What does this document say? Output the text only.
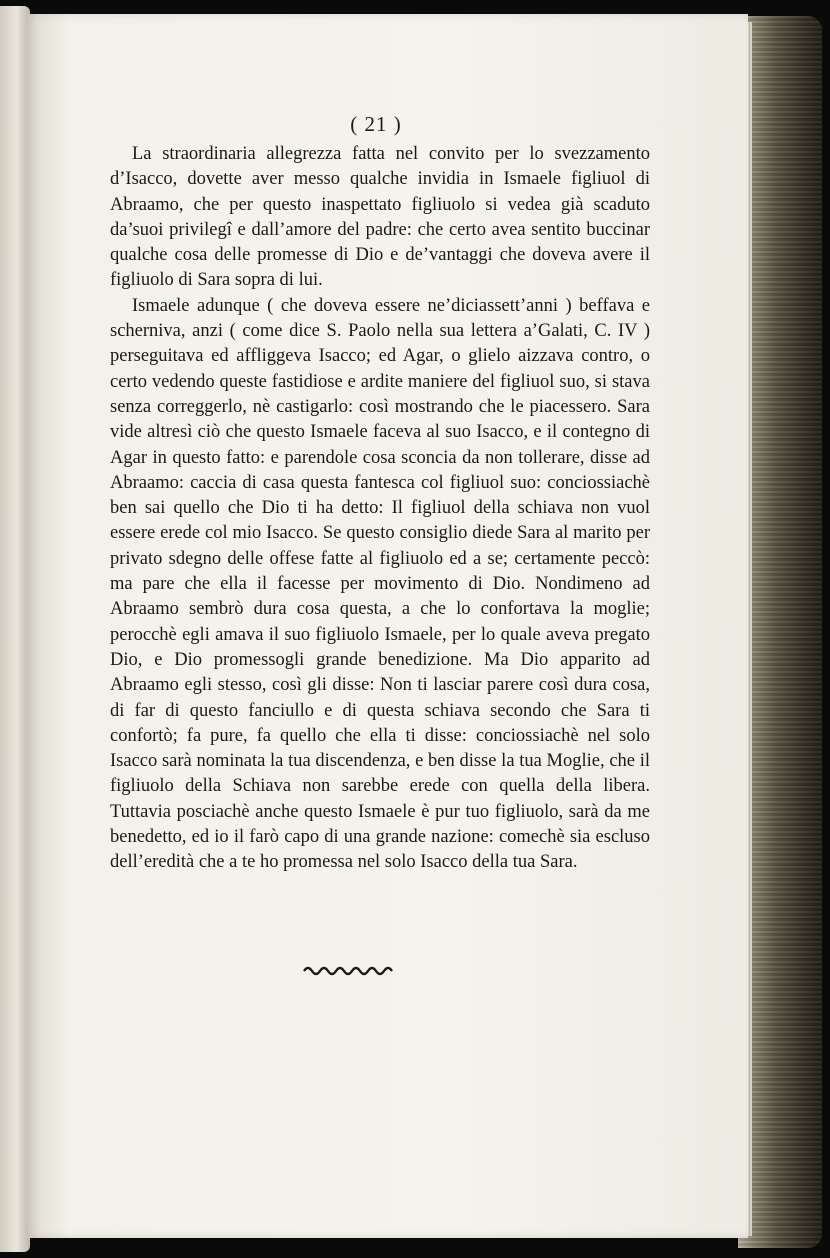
( 21 )

La straordinaria allegrezza fatta nel convito per lo svezzamento d’Isacco, dovette aver messo qualche invidia in Ismaele figliuol di Abraamo, che per questo inaspettato figliuolo si vedea già scaduto da’suoi privilegî e dall’amore del padre: che certo avea sentito buccinar qualche cosa delle promesse di Dio e de’vantaggi che doveva avere il figliuolo di Sara sopra di lui.

Ismaele adunque ( che doveva essere ne’diciassett’anni ) beffava e scherniva, anzi ( come dice S. Paolo nella sua lettera a’Galati, C. IV ) perseguitava ed affliggeva Isacco; ed Agar, o glielo aizzava contro, o certo vedendo queste fastidiose e ardite maniere del figliuol suo, si stava senza correggerlo, nè castigarlo: così mostrando che le piacessero. Sara vide altresì ciò che questo Ismaele faceva al suo Isacco, e il contegno di Agar in questo fatto: e parendole cosa sconcia da non tollerare, disse ad Abraamo: caccia di casa questa fantesca col figliuol suo: conciossiachè ben sai quello che Dio ti ha detto: Il figliuol della schiava non vuol essere erede col mio Isacco. Se questo consiglio diede Sara al marito per privato sdegno delle offese fatte al figliuolo ed a se; certamente peccò: ma pare che ella il facesse per movimento di Dio. Nondimeno ad Abraamo sembrò dura cosa questa, a che lo confortava la moglie; perocchè egli amava il suo figliuolo Ismaele, per lo quale aveva pregato Dio, e Dio promessogli grande benedizione. Ma Dio apparito ad Abraamo egli stesso, così gli disse: Non ti lasciar parere così dura cosa, di far di questo fanciullo e di questa schiava secondo che Sara ti confortò; fa pure, fa quello che ella ti disse: conciossiachè nel solo Isacco sarà nominata la tua discendenza, e ben disse la tua Moglie, che il figliuolo della Schiava non sarebbe erede con quella della libera. Tuttavia posciachè anche questo Ismaele è pur tuo figliuolo, sarà da me benedetto, ed io il farò capo di una grande nazione: comechè sia escluso dell’eredità che a te ho promessa nel solo Isacco della tua Sara.
